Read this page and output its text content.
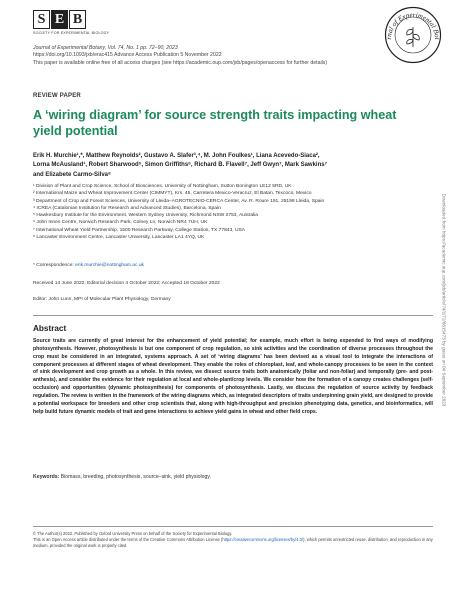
S E B
SOCIETY FOR EXPERIMENTAL BIOLOGY
Journal of Experimental Botany, Vol. 74, No. 1 pp. 72–90, 2023
https://doi.org/10.1093/jxb/erac415 Advance Access Publication 5 November 2022
This paper is available online free of all access charges (see https://academic.oup.com/jxb/pages/openaccess for further details)
rnal of Experimental Bot
REVIEW PAPER
A ‘wiring diagram’ for source strength traits impacting wheat yield potential
Erik H. Murchie¹,*, Matthew Reynolds², Gustavo A. Slafer³,⁴, M. John Foulkes¹, Liana Acevedo-Siaca²,
Lorna McAusland¹, Robert Sharwood⁵, Simon Griffiths⁶, Richard B. Flavell⁷, Jeff Gwyn⁷, Mark Sawkins⁷
and Elizabete Carmo-Silva⁸
¹ Division of Plant and Crop Science, School of Biosciences, University of Nottingham, Sutton Bonington LE12 5RD, UK
² International Maize and Wheat Improvement Center (CIMMYT), Km. 45, Carretera Mexico-Veracruz, El Batan, Texcoco, Mexico
³ Department of Crop and Forest Sciences, University of Lleida–AGROTECNIO-CERCA Center, Av. R. Roure 191, 25198 Lleida, Spain
⁴ ICREA (Catalonian Institution for Research and Advanced Studies), Barcelona, Spain
⁵ Hawkesbury Institute for the Environment, Western Sydney University, Richmond NSW 2753, Australia
⁶ John Innes Centre, Norwich Research Park, Colney Ln, Norwich NR4 7UH, UK
⁷ International Wheat Yield Partnership, 1500 Research Parkway, College Station, TX 77843, USA
⁸ Lancaster Environment Centre, Lancaster University, Lancaster LA1 4YQ, UK
* Correspondence: erik.murchie@nottingham.ac.uk
Received 14 June 2022; Editorial decision 4 October 2022; Accepted 18 October 2022
Editor: John Lunn, MPI of Molecular Plant Physiology, Germany
Abstract
Source traits are currently of great interest for the enhancement of yield potential; for example, much effort is being expended to find ways of modifying photosynthesis. However, photosynthesis is but one component of crop regulation, so sink activities and the coordination of diverse processes throughout the crop must be considered in an integrated, systems approach. A set of ‘wiring diagrams’ has been devised as a visual tool to integrate the interactions of component processes at different stages of wheat development. They enable the roles of chloroplast, leaf, and whole-canopy processes to be seen in the context of sink development and crop growth as a whole. In this review, we dissect source traits both anatomically (foliar and non-foliar) and temporally (pre- and post-anthesis), and consider the evidence for their regulation at local and whole-plant/crop levels. We consider how the formation of a canopy creates challenges (self-occlusion) and opportunities (dynamic photosynthesis) for components of photosynthesis. Lastly, we discuss the regulation of source activity by feedback regulation. The review is written in the framework of the wiring diagrams which, as integrated descriptors of traits underpinning grain yield, are designed to provide a potential workspace for breeders and other crop scientists that, along with high-throughput and precision phenotyping data, genetics, and bioinformatics, will help build future dynamic models of trait and gene interactions to achieve yield gains in wheat and other field crops.
Keywords: Biomass, breeding, photosynthesis, source–sink, yield physiology.
© The Author(s) 2022. Published by Oxford University Press on behalf of the Society for Experimental Biology.
This is an Open Access article distributed under the terms of the Creative Commons Attribution License (https://creativecommons.org/licenses/by/4.0/), which permits unrestricted reuse, distribution, and reproduction in any medium, provided the original work is properly cited.
Downloaded from https://academic.oup.com/jxb/article/74/1/72/6815473 by guest on 04 September 2023
